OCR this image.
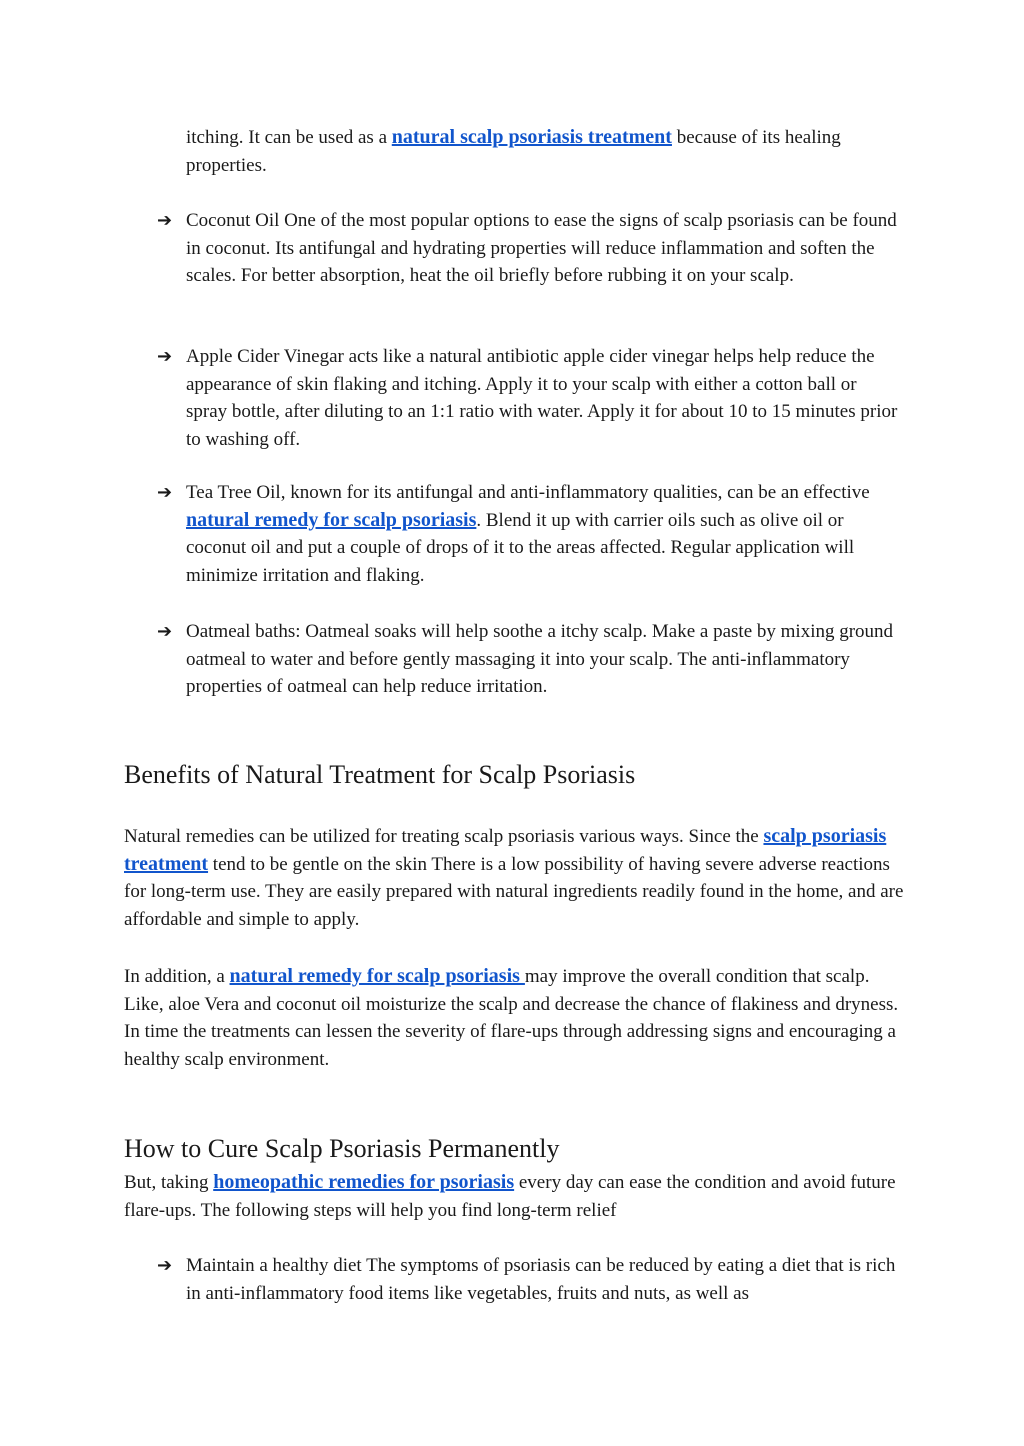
itching. It can be used as a natural scalp psoriasis treatment because of its healing properties.
➔ Coconut Oil One of the most popular options to ease the signs of scalp psoriasis can be found in coconut. Its antifungal and hydrating properties will reduce inflammation and soften the scales. For better absorption, heat the oil briefly before rubbing it on your scalp.
➔ Apple Cider Vinegar acts like a natural antibiotic apple cider vinegar helps help reduce the appearance of skin flaking and itching. Apply it to your scalp with either a cotton ball or spray bottle, after diluting to an 1:1 ratio with water. Apply it for about 10 to 15 minutes prior to washing off.
➔ Tea Tree Oil, known for its antifungal and anti-inflammatory qualities, can be an effective natural remedy for scalp psoriasis. Blend it up with carrier oils such as olive oil or coconut oil and put a couple of drops of it to the areas affected. Regular application will minimize irritation and flaking.
➔ Oatmeal baths: Oatmeal soaks will help soothe a itchy scalp. Make a paste by mixing ground oatmeal to water and before gently massaging it into your scalp. The anti-inflammatory properties of oatmeal can help reduce irritation.
Benefits of Natural Treatment for Scalp Psoriasis
Natural remedies can be utilized for treating scalp psoriasis various ways. Since the scalp psoriasis treatment tend to be gentle on the skin There is a low possibility of having severe adverse reactions for long-term use. They are easily prepared with natural ingredients readily found in the home, and are affordable and simple to apply.
In addition, a natural remedy for scalp psoriasis may improve the overall condition that scalp. Like, aloe Vera and coconut oil moisturize the scalp and decrease the chance of flakiness and dryness. In time the treatments can lessen the severity of flare-ups through addressing signs and encouraging a healthy scalp environment.
How to Cure Scalp Psoriasis Permanently
But, taking homeopathic remedies for psoriasis every day can ease the condition and avoid future flare-ups. The following steps will help you find long-term relief
➔ Maintain a healthy diet The symptoms of psoriasis can be reduced by eating a diet that is rich in anti-inflammatory food items like vegetables, fruits and nuts, as well as
